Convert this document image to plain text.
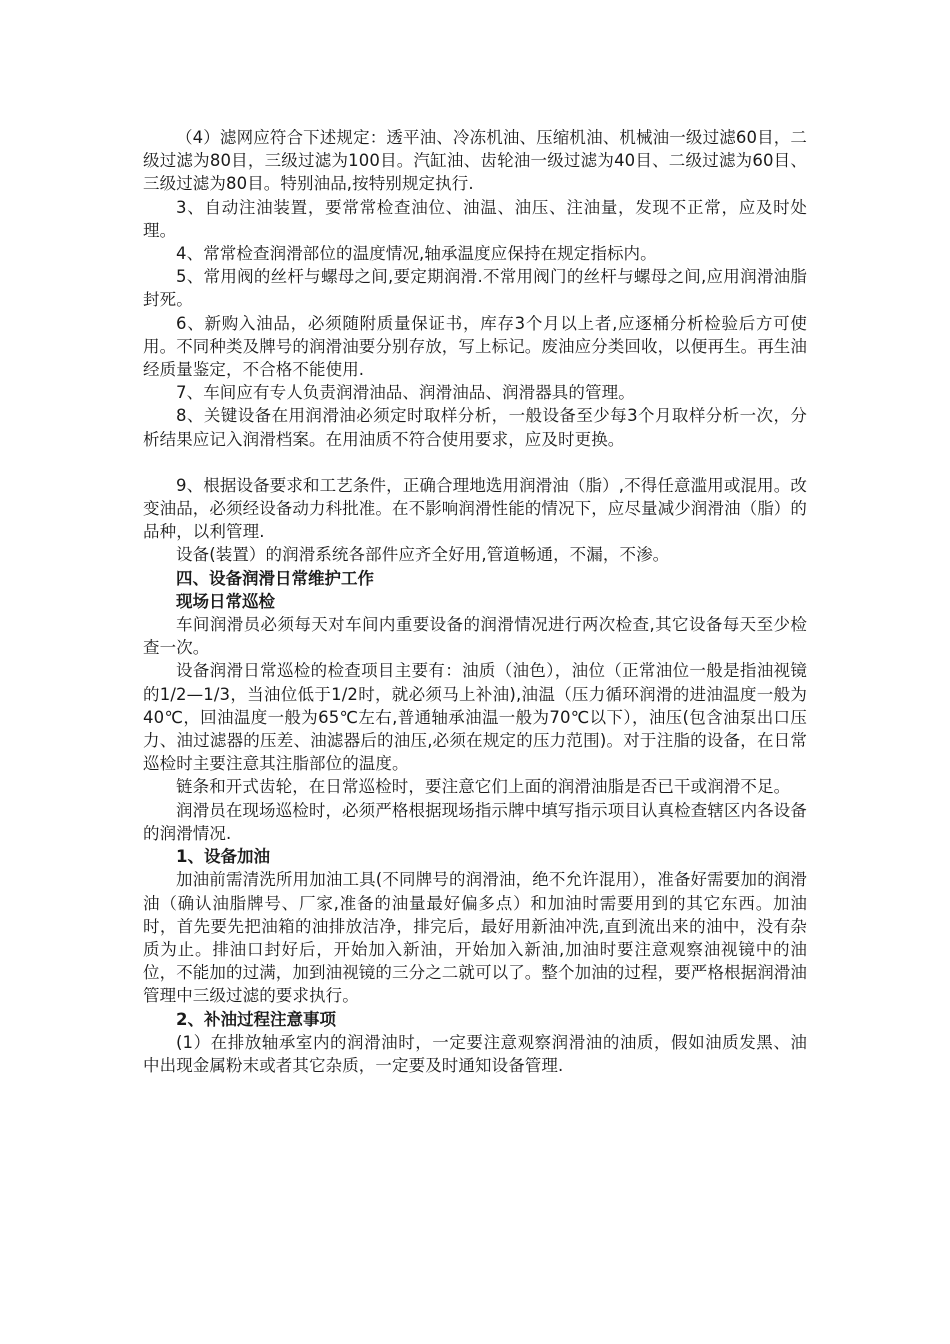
（4）滤网应符合下述规定：透平油、冷冻机油、压缩机油、机械油一级过滤60目，二级过滤为80目，三级过滤为100目。汽缸油、齿轮油一级过滤为40目、二级过滤为60目、三级过滤为80目。特别油品,按特别规定执行.

3、自动注油装置，要常常检查油位、油温、油压、注油量，发现不正常，应及时处理。

4、常常检查润滑部位的温度情况,轴承温度应保持在规定指标内。

5、常用阀的丝杆与螺母之间,要定期润滑.不常用阀门的丝杆与螺母之间,应用润滑油脂封死。

6、新购入油品，必须随附质量保证书，库存3个月以上者,应逐桶分析检验后方可使用。不同种类及牌号的润滑油要分别存放，写上标记。废油应分类回收，以便再生。再生油经质量鉴定，不合格不能使用.

7、车间应有专人负责润滑油品、润滑油品、润滑器具的管理。

8、关键设备在用润滑油必须定时取样分析，一般设备至少每3个月取样分析一次，分析结果应记入润滑档案。在用油质不符合使用要求，应及时更换。

9、根据设备要求和工艺条件，正确合理地选用润滑油（脂）,不得任意滥用或混用。改变油品，必须经设备动力科批准。在不影响润滑性能的情况下，应尽量减少润滑油（脂）的品种，以利管理.

设备(装置）的润滑系统各部件应齐全好用,管道畅通，不漏，不渗。

四、设备润滑日常维护工作

现场日常巡检

车间润滑员必须每天对车间内重要设备的润滑情况进行两次检查,其它设备每天至少检查一次。

设备润滑日常巡检的检查项目主要有：油质（油色），油位（正常油位一般是指油视镜的1/2—1/3，当油位低于1/2时，就必须马上补油),油温（压力循环润滑的进油温度一般为40℃，回油温度一般为65℃左右,普通轴承油温一般为70℃以下），油压(包含油泵出口压力、油过滤器的压差、油滤器后的油压,必须在规定的压力范围)。对于注脂的设备，在日常巡检时主要注意其注脂部位的温度。

链条和开式齿轮，在日常巡检时，要注意它们上面的润滑油脂是否已干或润滑不足。

润滑员在现场巡检时，必须严格根据现场指示牌中填写指示项目认真检查辖区内各设备的润滑情况.

1、设备加油

加油前需清洗所用加油工具(不同牌号的润滑油，绝不允许混用），准备好需要加的润滑油（确认油脂牌号、厂家,准备的油量最好偏多点）和加油时需要用到的其它东西。加油时，首先要先把油箱的油排放洁净，排完后，最好用新油冲洗,直到流出来的油中，没有杂质为止。排油口封好后，开始加入新油，开始加入新油,加油时要注意观察油视镜中的油位，不能加的过满，加到油视镜的三分之二就可以了。整个加油的过程，要严格根据润滑油管理中三级过滤的要求执行。

2、补油过程注意事项

(1）在排放轴承室内的润滑油时，一定要注意观察润滑油的油质，假如油质发黑、油中出现金属粉末或者其它杂质，一定要及时通知设备管理.
